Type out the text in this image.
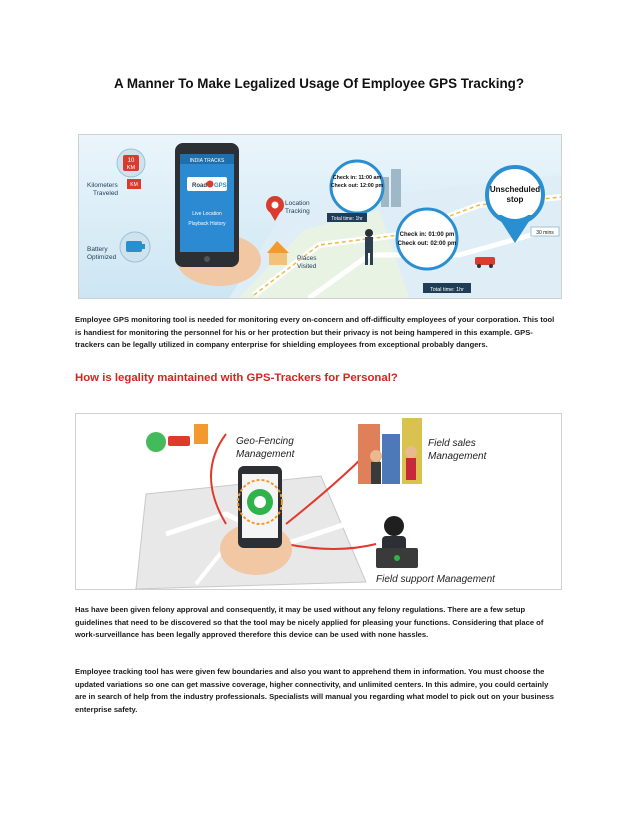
A Manner To Make Legalized Usage Of Employee GPS Tracking?
10
KM
Kilometers
Traveled
KM
Battery
Optimized
INDIA TRACKS
Road GPS
Live Location
Playback History
Location
Tracking
Places
Visited
Check in: 11:00 am
Check out: 12:00 pm
Total time: 1hr
Check in: 01:00 pm
Check out: 02:00 pm
Total time: 1hr
Unscheduled
stop
30 mins

Employee GPS monitoring tool is needed for monitoring every on-concern and off-difficulty employees of your corporation. This tool is handiest for monitoring the personnel for his or her protection but their privacy is not being hampered in this example. GPS-trackers can be legally utilized in company enterprise for shielding employees from exceptional probably dangers.

How is legality maintained with GPS-Trackers for Personal?
Geo-Fencing
Management
Field sales
Management
Field support Management

Has have been given felony approval and consequently, it may be used without any felony regulations. There are a few setup guidelines that need to be discovered so that the tool may be nicely applied for pleasing your functions. Considering that place of work-surveillance has been legally approved therefore this device can be used with none hassles.

Employee tracking tool has were given few boundaries and also you want to apprehend them in information. You must choose the updated variations so one can get massive coverage, higher connectivity, and unlimited centers. In this admire, you could certainly are in search of help from the industry professionals. Specialists will manual you regarding what model to pick out on your business enterprise safety.
